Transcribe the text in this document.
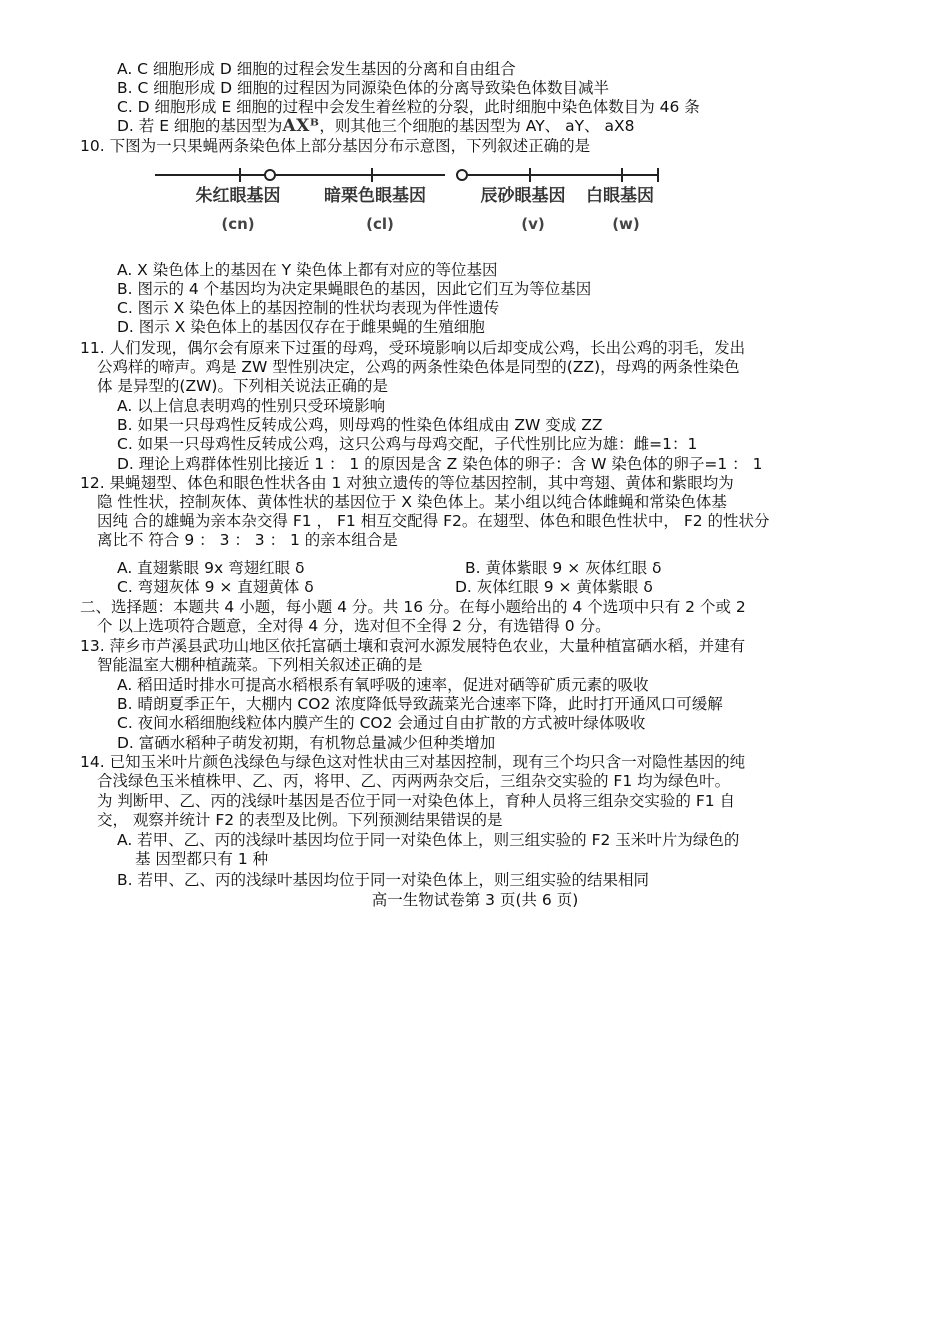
A. C 细胞形成 D 细胞的过程会发生基因的分离和自由组合
B. C 细胞形成 D 细胞的过程因为同源染色体的分离导致染色体数目减半
C. D 细胞形成 E 细胞的过程中会发生着丝粒的分裂，此时细胞中染色体数目为 46 条
D. 若 E 细胞的基因型为AXᴮ，则其他三个细胞的基因型为 AY、 aY、 aX8
10. 下图为一只果蝇两条染色体上部分基因分布示意图，下列叙述正确的是
朱红眼基因	暗栗色眼基因	辰砂眼基因 白眼基因
(cn)	(cl)	(v)	(w)
A. X 染色体上的基因在 Y 染色体上都有对应的等位基因
B. 图示的 4 个基因均为决定果蝇眼色的基因，因此它们互为等位基因
C. 图示 X 染色体上的基因控制的性状均表现为伴性遗传
D. 图示 X 染色体上的基因仅存在于雌果蝇的生殖细胞
11. 人们发现，偶尔会有原来下过蛋的母鸡，受环境影响以后却变成公鸡，长出公鸡的羽毛，发出
公鸡样的啼声。鸡是 ZW 型性别决定，公鸡的两条性染色体是同型的(ZZ)，母鸡的两条性染色
体 是异型的(ZW)。下列相关说法正确的是
A. 以上信息表明鸡的性别只受环境影响
B. 如果一只母鸡性反转成公鸡，则母鸡的性染色体组成由 ZW 变成 ZZ
C. 如果一只母鸡性反转成公鸡，这只公鸡与母鸡交配，子代性别比应为雄：雌=1：1
D. 理论上鸡群体性别比接近 1 ： 1 的原因是含 Z 染色体的卵子：含 W 染色体的卵子=1 ： 1
12. 果蝇翅型、体色和眼色性状各由 1 对独立遗传的等位基因控制，其中弯翅、黄体和紫眼均为
隐 性性状，控制灰体、黄体性状的基因位于 X 染色体上。某小组以纯合体雌蝇和常染色体基
因纯 合的雄蝇为亲本杂交得 F1 ， F1 相互交配得 F2。在翅型、体色和眼色性状中， F2 的性状分
离比不 符合 9 ： 3 ： 3 ： 1 的亲本组合是
A. 直翅紫眼 9x 弯翅红眼 δ	B. 黄体紫眼 9 × 灰体红眼 δ
C. 弯翅灰体 9 × 直翅黄体 δ	D. 灰体红眼 9 × 黄体紫眼 δ
二、选择题：本题共 4 小题，每小题 4 分。共 16 分。在每小题给出的 4 个选项中只有 2 个或 2
个 以上选项符合题意，全对得 4 分，选对但不全得 2 分，有选错得 0 分。
13. 萍乡市芦溪县武功山地区依托富硒土壤和袁河水源发展特色农业，大量种植富硒水稻，并建有
智能温室大棚种植蔬菜。下列相关叙述正确的是
A. 稻田适时排水可提高水稻根系有氧呼吸的速率，促进对硒等矿质元素的吸收
B. 晴朗夏季正午，大棚内 CO2 浓度降低导致蔬菜光合速率下降，此时打开通风口可缓解
C. 夜间水稻细胞线粒体内膜产生的 CO2 会通过自由扩散的方式被叶绿体吸收
D. 富硒水稻种子萌发初期，有机物总量减少但种类增加
14. 已知玉米叶片颜色浅绿色与绿色这对性状由三对基因控制，现有三个均只含一对隐性基因的纯
合浅绿色玉米植株甲、乙、丙，将甲、乙、丙两两杂交后，三组杂交实验的 F1 均为绿色叶。
为 判断甲、乙、丙的浅绿叶基因是否位于同一对染色体上，育种人员将三组杂交实验的 F1 自
交， 观察并统计 F2 的表型及比例。下列预测结果错误的是
A. 若甲、乙、丙的浅绿叶基因均位于同一对染色体上，则三组实验的 F2 玉米叶片为绿色的
基 因型都只有 1 种
B. 若甲、乙、丙的浅绿叶基因均位于同一对染色体上，则三组实验的结果相同
高一生物试卷第 3 页(共 6 页)
